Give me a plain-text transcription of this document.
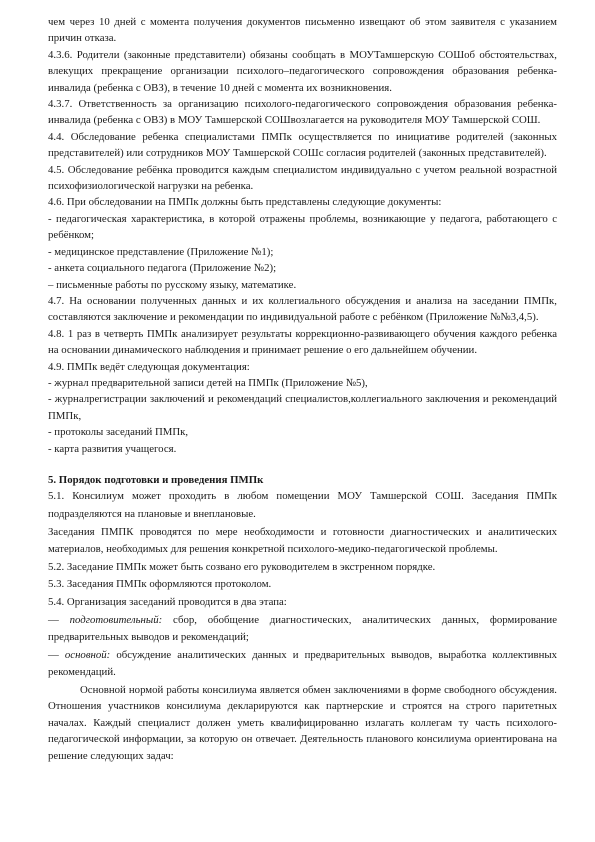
чем через 10 дней с момента получения документов письменно извещают об этом заявителя с указанием причин отказа.

4.3.6. Родители (законные представители) обязаны сообщать в МОУТамшерскую СОШоб обстоятельствах, влекущих прекращение организации психолого–педагогического сопровождения образования ребенка-инвалида (ребенка с ОВЗ), в течение 10 дней с момента их возникновения.

4.3.7. Ответственность за организацию психолого-педагогического сопровождения образования ребенка-инвалида (ребенка с ОВЗ) в МОУ Тамшерской СОШвозлагается на руководителя МОУ Тамшерской СОШ.

4.4. Обследование ребенка специалистами ПМПк осуществляется по инициативе родителей (законных представителей) или сотрудников МОУ Тамшерской СОШс согласия родителей (законных представителей).

4.5. Обследование ребёнка проводится каждым специалистом индивидуально с учетом реальной возрастной психофизиологической нагрузки на ребенка.

4.6. При обследовании на ПМПк должны быть представлены следующие документы:

- педагогическая характеристика, в которой отражены проблемы, возникающие у педагога, работающего с ребёнком;

- медицинское представление (Приложение №1);

- анкета социального педагога (Приложение №2);

– письменные работы по русскому языку, математике.

4.7. На основании полученных данных и их коллегиального обсуждения и анализа на заседании ПМПк, составляются заключение и рекомендации по индивидуальной работе с ребёнком (Приложение №№3,4,5).

4.8. 1 раз в четверть ПМПк анализирует результаты коррекционно-развивающего обучения каждого ребенка на основании динамического наблюдения и принимает решение о его дальнейшем обучении.

4.9. ПМПк ведёт следующая документация:

- журнал предварительной записи детей на ПМПк (Приложение №5),

- журналрегистрации заключений и рекомендаций специалистов,коллегиального заключения и рекомендаций ПМПк,

- протоколы заседаний ПМПк,

- карта развития учащегося.

5. Порядок подготовки и проведения ПМПк

5.1. Консилиум может проходить в любом помещении МОУ Тамшерской СОШ. Заседания ПМПк подразделяются на плановые и внеплановые.

Заседания ПМПК проводятся по мере необходимости и готовности диагностических и аналитических материалов, необходимых для решения конкретной психолого-медико-педагогической проблемы.

5.2. Заседание ПМПк может быть созвано его руководителем в экстренном порядке.

5.3. Заседания ПМПк оформляются протоколом.

5.4. Организация заседаний проводится в два этапа:

— подготовительный: сбор, обобщение диагностических, аналитических данных, формирование предварительных выводов и рекомендаций;

— основной: обсуждение аналитических данных и предварительных выводов, выработка коллективных рекомендаций.

Основной нормой работы консилиума является обмен заключениями в форме свободного обсуждения. Отношения участников консилиума декларируются как партнерские и строятся на строго паритетных началах. Каждый специалист должен уметь квалифицированно излагать коллегам ту часть психолого-педагогической информации, за которую он отвечает. Деятельность планового консилиума ориентирована на решение следующих задач:
